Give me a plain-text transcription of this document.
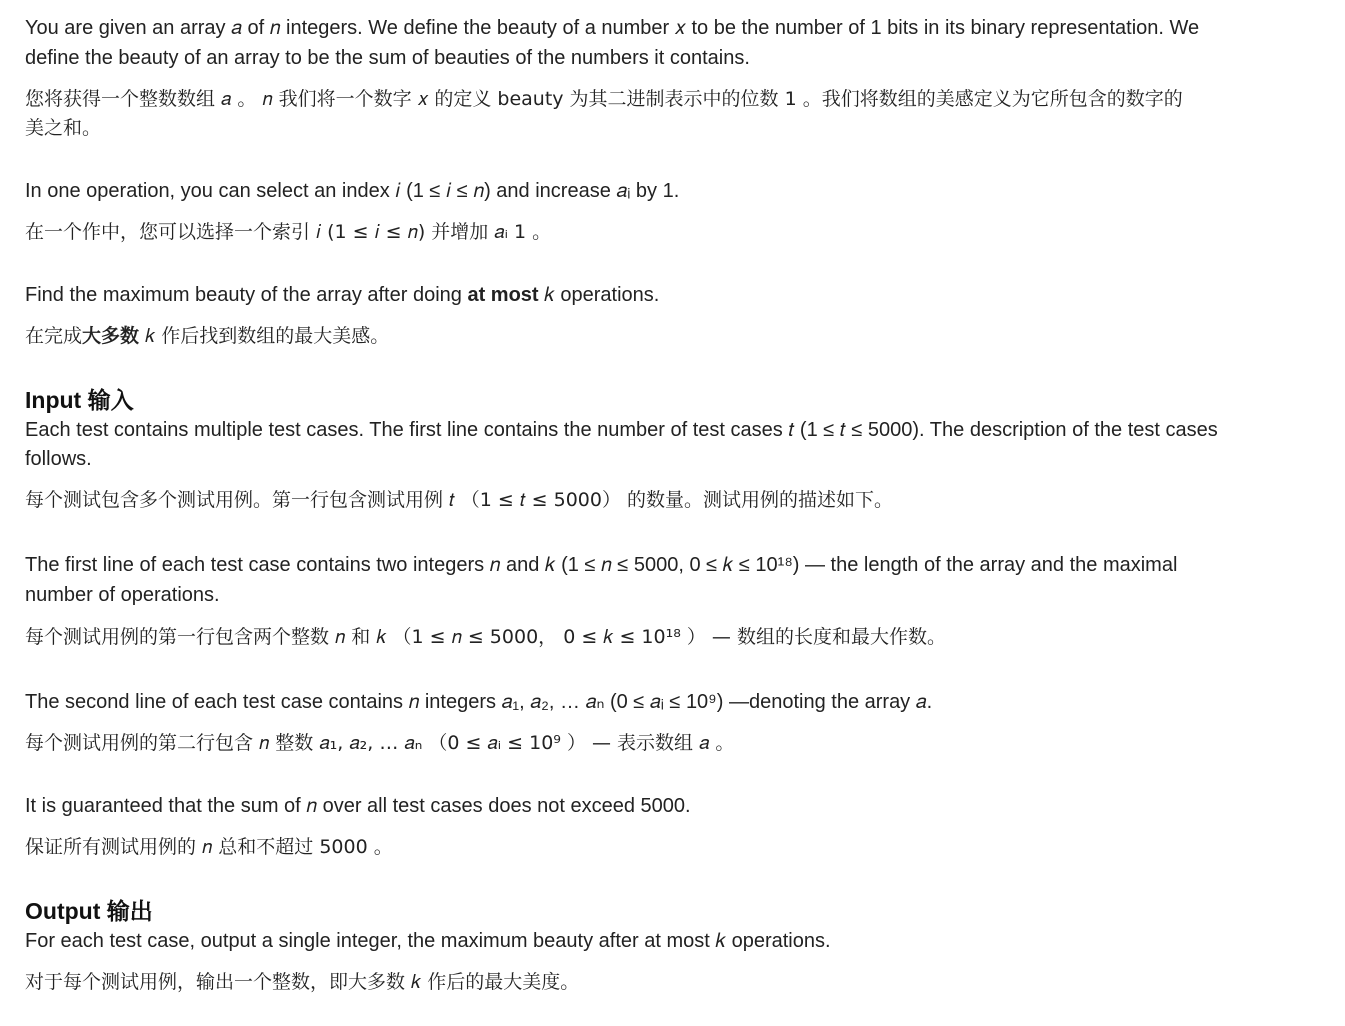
You are given an array 𝑎 of 𝑛 integers. We define the beauty of a number 𝑥 to be the number of 1 bits in its binary representation. We
define the beauty of an array to be the sum of beauties of the numbers it contains.
您将获得一个整数数组 𝑎 。 𝑛 我们将一个数字 𝑥 的定义 beauty 为其二进制表示中的位数 1 。我们将数组的美感定义为它所包含的数字的
美之和。
In one operation, you can select an index 𝑖 (1 ≤ 𝑖 ≤ 𝑛) and increase 𝑎ᵢ by 1.
在一个作中，您可以选择一个索引 𝑖 (1 ≤ 𝑖 ≤ 𝑛) 并增加 𝑎ᵢ 1 。
Find the maximum beauty of the array after doing at most 𝑘 operations.
在完成大多数 𝑘 作后找到数组的最大美感。
Input 输入
Each test contains multiple test cases. The first line contains the number of test cases 𝑡 (1 ≤ 𝑡 ≤ 5000). The description of the test cases
follows.
每个测试包含多个测试用例。第一行包含测试用例 𝑡 （1 ≤ 𝑡 ≤ 5000） 的数量。测试用例的描述如下。
The first line of each test case contains two integers 𝑛 and 𝑘 (1 ≤ 𝑛 ≤ 5000, 0 ≤ 𝑘 ≤ 10¹⁸) — the length of the array and the maximal
number of operations.
每个测试用例的第一行包含两个整数 𝑛 和 𝑘 （1 ≤ 𝑛 ≤ 5000， 0 ≤ 𝑘 ≤ 10¹⁸ ） — 数组的长度和最大作数。
The second line of each test case contains 𝑛 integers 𝑎₁, 𝑎₂, … 𝑎ₙ (0 ≤ 𝑎ᵢ ≤ 10⁹) —denoting the array 𝑎.
每个测试用例的第二行包含 𝑛 整数 𝑎₁, 𝑎₂, … 𝑎ₙ （0 ≤ 𝑎ᵢ ≤ 10⁹ ） — 表示数组 𝑎 。
It is guaranteed that the sum of 𝑛 over all test cases does not exceed 5000.
保证所有测试用例的 𝑛 总和不超过 5000 。
Output 输出
For each test case, output a single integer, the maximum beauty after at most 𝑘 operations.
对于每个测试用例，输出一个整数，即大多数 𝑘 作后的最大美度。
